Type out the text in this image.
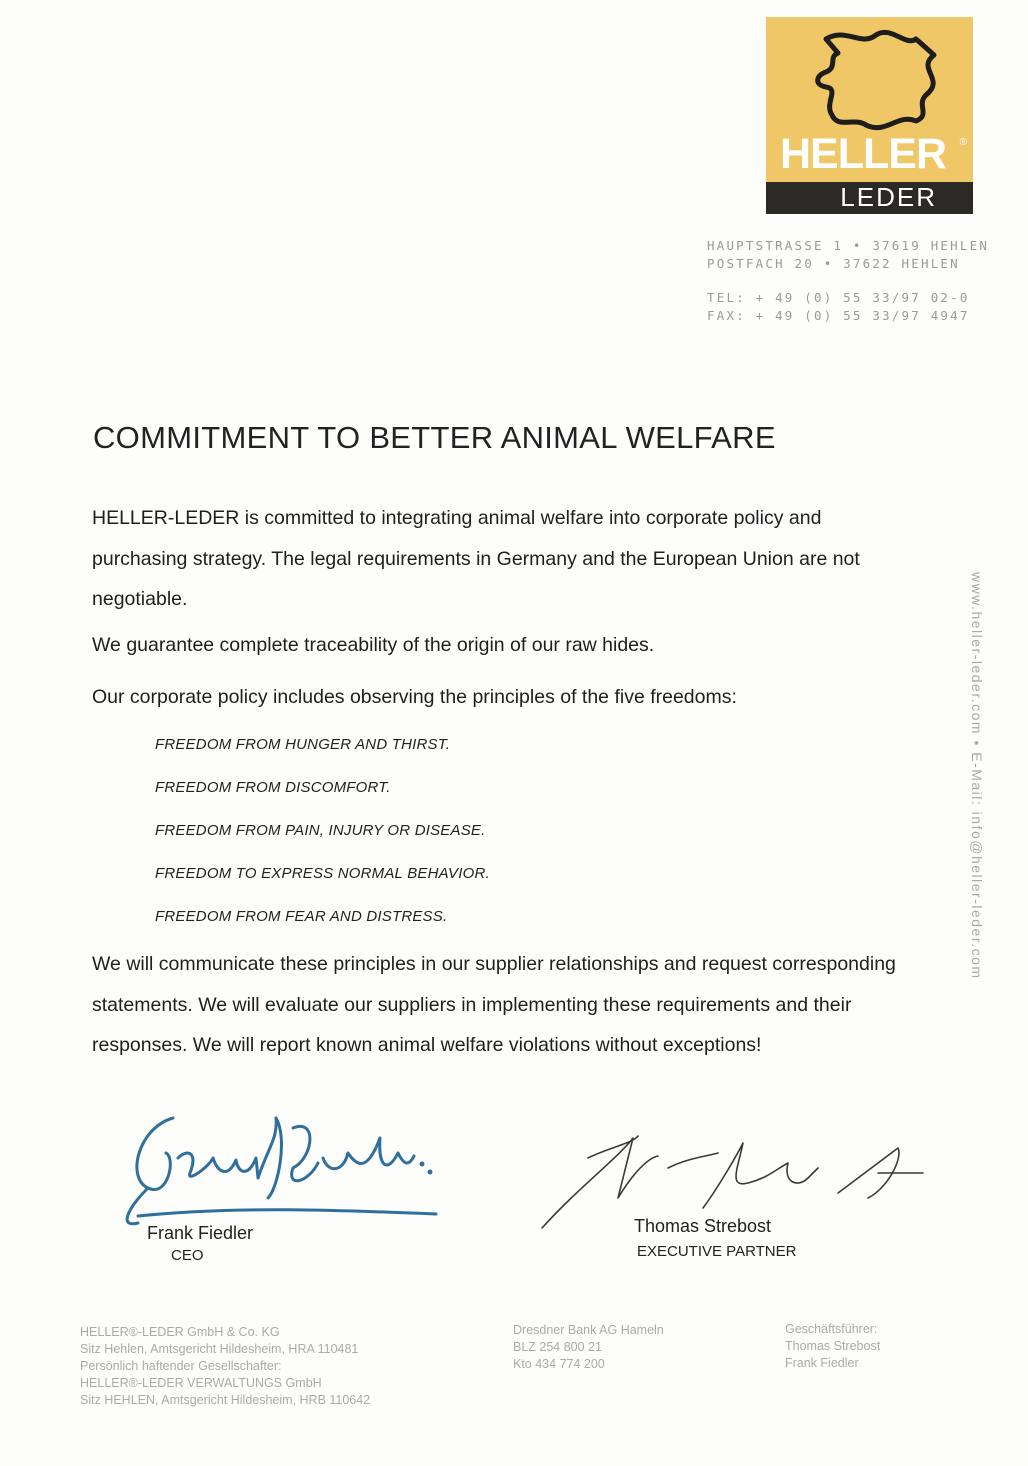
HELLER ®
LEDER
HAUPTSTRASSE 1 • 37619 HEHLEN
POSTFACH 20 • 37622 HEHLEN
TEL: + 49 (0) 55 33/97 02-0
FAX: + 49 (0) 55 33/97 4947
www.heller-leder.com • E-Mail: info@heller-leder.com
COMMITMENT TO BETTER ANIMAL WELFARE
HELLER-LEDER is committed to integrating animal welfare into corporate policy and purchasing strategy. The legal requirements in Germany and the European Union are not negotiable.
We guarantee complete traceability of the origin of our raw hides.
Our corporate policy includes observing the principles of the five freedoms:
FREEDOM FROM HUNGER AND THIRST.
FREEDOM FROM DISCOMFORT.
FREEDOM FROM PAIN, INJURY OR DISEASE.
FREEDOM TO EXPRESS NORMAL BEHAVIOR.
FREEDOM FROM FEAR AND DISTRESS.
We will communicate these principles in our supplier relationships and request corresponding statements. We will evaluate our suppliers in implementing these requirements and their responses. We will report known animal welfare violations without exceptions!
Frank Fiedler
CEO
Thomas Strebost
EXECUTIVE PARTNER
HELLER®-LEDER GmbH & Co. KG
Sitz Hehlen, Amtsgericht Hildesheim, HRA 110481
Persönlich haftender Gesellschafter:
HELLER®-LEDER VERWALTUNGS GmbH
Sitz HEHLEN, Amtsgericht Hildesheim, HRB 110642
Dresdner Bank AG Hameln
BLZ 254 800 21
Kto 434 774 200
Geschäftsführer:
Thomas Strebost
Frank Fiedler
